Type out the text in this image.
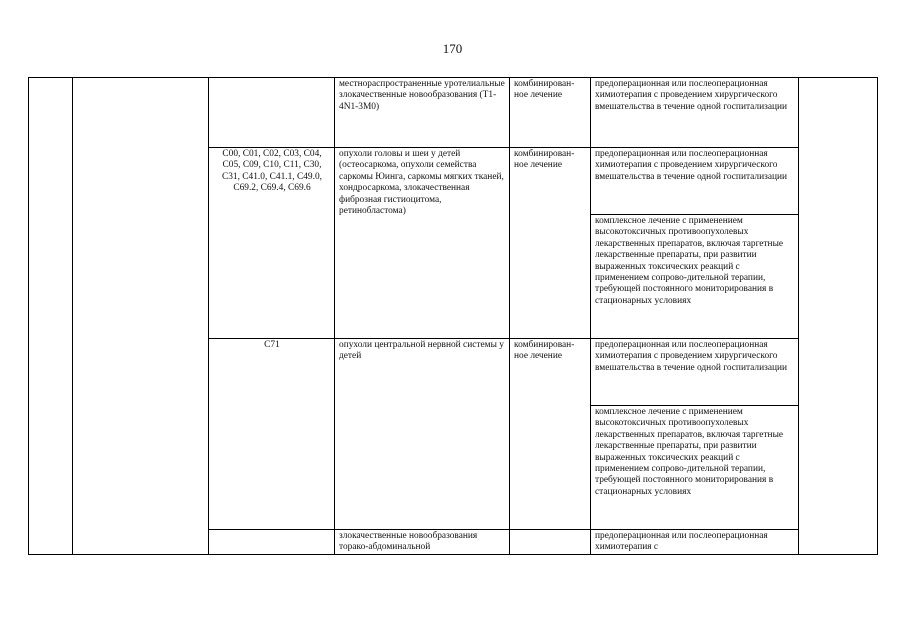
170
			местнораспространенные уротелиальные злокачественные новообразования (T1-4N1-3M0)	комбинирован-ное лечение	предоперационная или послеоперационная химиотерапия с проведением хирургического вмешательства в течение одной госпитализации	
		C00, C01, C02, C03, C04, C05, C09, C10, C11, C30, C31, C41.0, C41.1, C49.0, C69.2, C69.4, C69.6	опухоли головы и шеи у детей (остеосаркома, опухоли семейства саркомы Юинга, саркомы мягких тканей, хондросаркома, злокачественная фиброзная гистиоцитома, ретинобластома)	комбинирован-ное лечение	предоперационная или послеоперационная химиотерапия с проведением хирургического вмешательства в течение одной госпитализации	
					комплексное лечение с применением высокотоксичных противоопухолевых лекарственных препаратов, включая таргетные лекарственные препараты, при развитии выраженных токсических реакций с применением сопрово-дительной терапии, требующей постоянного мониторирования в стационарных условиях	
		C71	опухоли центральной нервной системы у детей	комбинирован-ное лечение	предоперационная или послеоперационная химиотерапия с проведением хирургического вмешательства в течение одной госпитализации	
					комплексное лечение с применением высокотоксичных противоопухолевых лекарственных препаратов, включая таргетные лекарственные препараты, при развитии выраженных токсических реакций с применением сопрово-дительной терапии, требующей постоянного мониторирования в стационарных условиях	
			злокачественные новообразования торако-абдоминальной		предоперационная или послеоперационная химиотерапия с	
